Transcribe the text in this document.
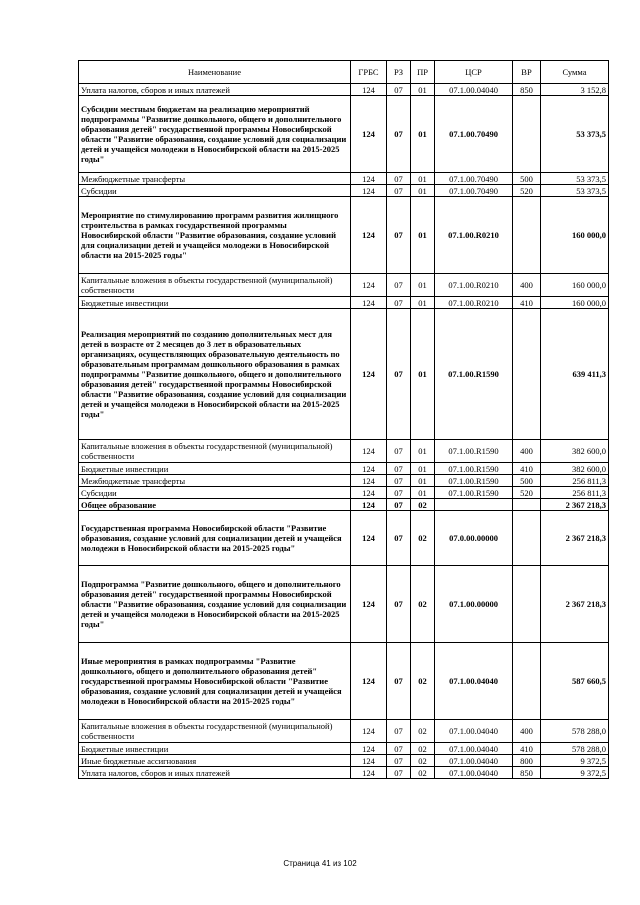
Наименование	ГРБС	РЗ	ПР	ЦСР	ВР	Сумма
Уплата налогов, сборов и иных платежей	124	07	01	07.1.00.04040	850	3 152,8
Субсидии местным бюджетам на реализацию мероприятий подпрограммы "Развитие дошкольного, общего и дополнительного образования детей" государственной программы Новосибирской области "Развитие образования, создание условий для социализации детей и учащейся молодежи в Новосибирской области на 2015-2025 годы"	124	07	01	07.1.00.70490		53 373,5
Межбюджетные трансферты	124	07	01	07.1.00.70490	500	53 373,5
Субсидии	124	07	01	07.1.00.70490	520	53 373,5
Мероприятие по стимулированию программ развития жилищного строительства в рамках государственной программы Новосибирской области "Развитие образования, создание условий для социализации детей и учащейся молодежи в Новосибирской области на 2015-2025 годы"	124	07	01	07.1.00.R0210		160 000,0
Капитальные вложения в объекты государственной (муниципальной) собственности	124	07	01	07.1.00.R0210	400	160 000,0
Бюджетные инвестиции	124	07	01	07.1.00.R0210	410	160 000,0
Реализация мероприятий по созданию дополнительных мест для детей в возрасте от 2 месяцев до 3 лет в образовательных организациях, осуществляющих образовательную деятельность по образовательным программам дошкольного образования в рамках подпрограммы "Развитие дошкольного, общего и дополнительного образования детей" государственной программы Новосибирской области "Развитие образования, создание условий для социализации детей и учащейся молодежи в Новосибирской области на 2015-2025 годы"	124	07	01	07.1.00.R1590		639 411,3
Капитальные вложения в объекты государственной (муниципальной) собственности	124	07	01	07.1.00.R1590	400	382 600,0
Бюджетные инвестиции	124	07	01	07.1.00.R1590	410	382 600,0
Межбюджетные трансферты	124	07	01	07.1.00.R1590	500	256 811,3
Субсидии	124	07	01	07.1.00.R1590	520	256 811,3
Общее образование	124	07	02			2 367 218,3
Государственная программа Новосибирской области "Развитие образования, создание условий для социализации детей и учащейся молодежи в Новосибирской области на 2015-2025 годы"	124	07	02	07.0.00.00000		2 367 218,3
Подпрограмма "Развитие дошкольного, общего и дополнительного образования детей" государственной программы Новосибирской области "Развитие образования, создание условий для социализации детей и учащейся молодежи в Новосибирской области на 2015-2025 годы"	124	07	02	07.1.00.00000		2 367 218,3
Иные мероприятия в рамках подпрограммы "Развитие дошкольного, общего и дополнительного образования детей" государственной программы Новосибирской области "Развитие образования, создание условий для социализации детей и учащейся молодежи в Новосибирской области на 2015-2025 годы"	124	07	02	07.1.00.04040		587 660,5
Капитальные вложения в объекты государственной (муниципальной) собственности	124	07	02	07.1.00.04040	400	578 288,0
Бюджетные инвестиции	124	07	02	07.1.00.04040	410	578 288,0
Иные бюджетные ассигнования	124	07	02	07.1.00.04040	800	9 372,5
Уплата налогов, сборов и иных платежей	124	07	02	07.1.00.04040	850	9 372,5
Страница 41 из 102
